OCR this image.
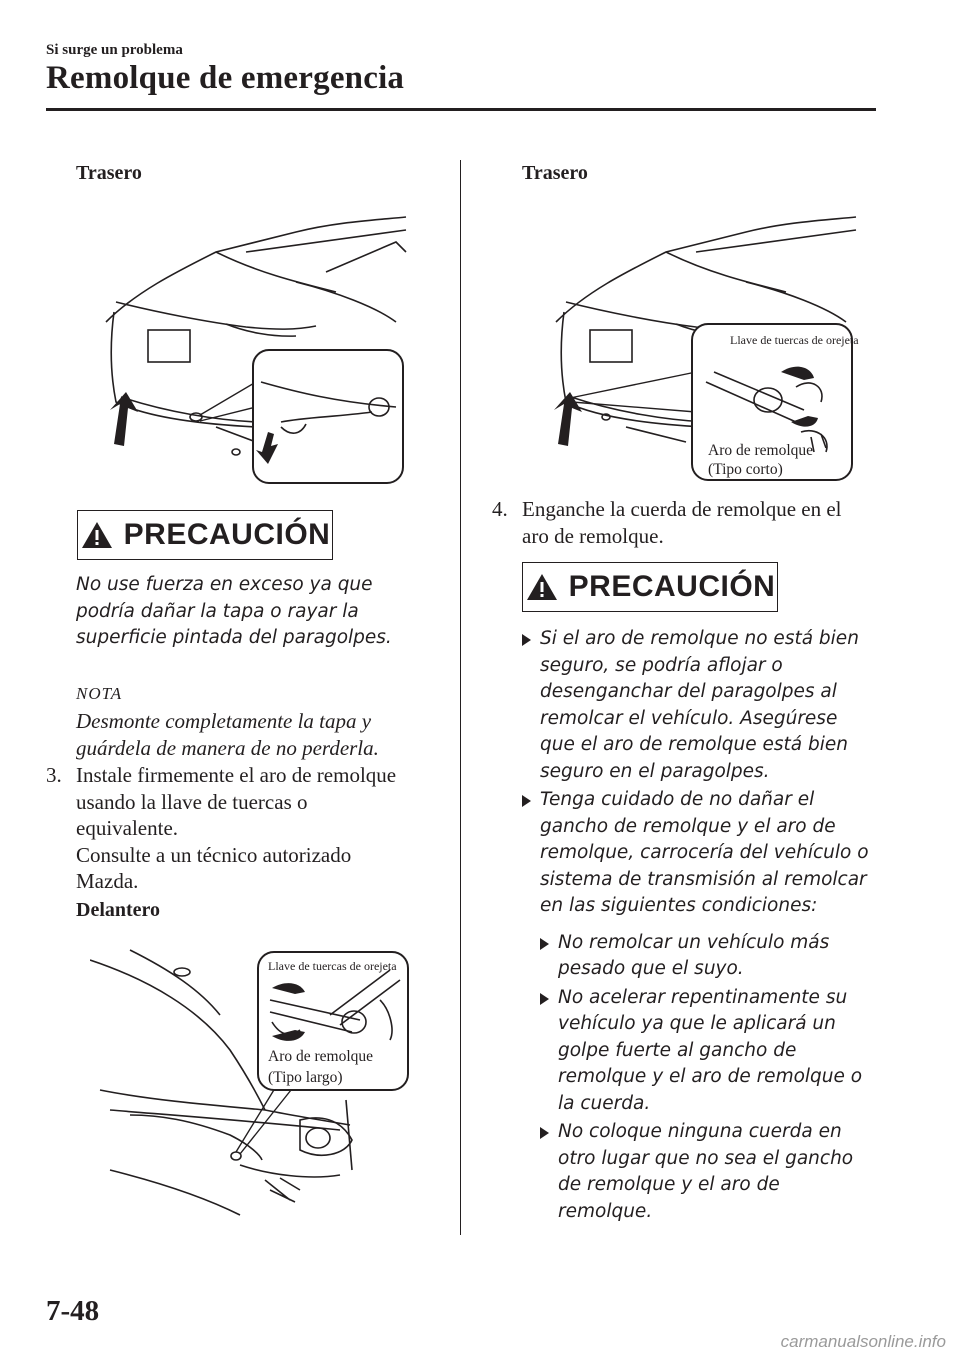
Si surge un problema
Remolque de emergencia
Trasero
PRECAUCIÓN
No use fuerza en exceso ya que podría dañar la tapa o rayar la superficie pintada del paragolpes.
NOTA
Desmonte completamente la tapa y guárdela de manera de no perderla.
3. Instale firmemente el aro de remolque
usando la llave de tuercas o
equivalente.
Consulte a un técnico autorizado
Mazda.
Delantero
Llave de tuercas de orejeta
Aro de remolque
(Tipo largo)
Trasero
Llave de tuercas de orejeta
Aro de remolque
(Tipo corto)
4. Enganche la cuerda de remolque en el
aro de remolque.
PRECAUCIÓN
Si el aro de remolque no está bien seguro, se podría aflojar o desenganchar del paragolpes al remolcar el vehículo. Asegúrese que el aro de remolque está bien seguro en el paragolpes.
Tenga cuidado de no dañar el gancho de remolque y el aro de remolque, carrocería del vehículo o sistema de transmisión al remolcar en las siguientes condiciones:
No remolcar un vehículo más pesado que el suyo.
No acelerar repentinamente su vehículo ya que le aplicará un golpe fuerte al gancho de remolque y el aro de remolque o la cuerda.
No coloque ninguna cuerda en otro lugar que no sea el gancho de remolque y el aro de remolque.
7-48
carmanualsonline.info
